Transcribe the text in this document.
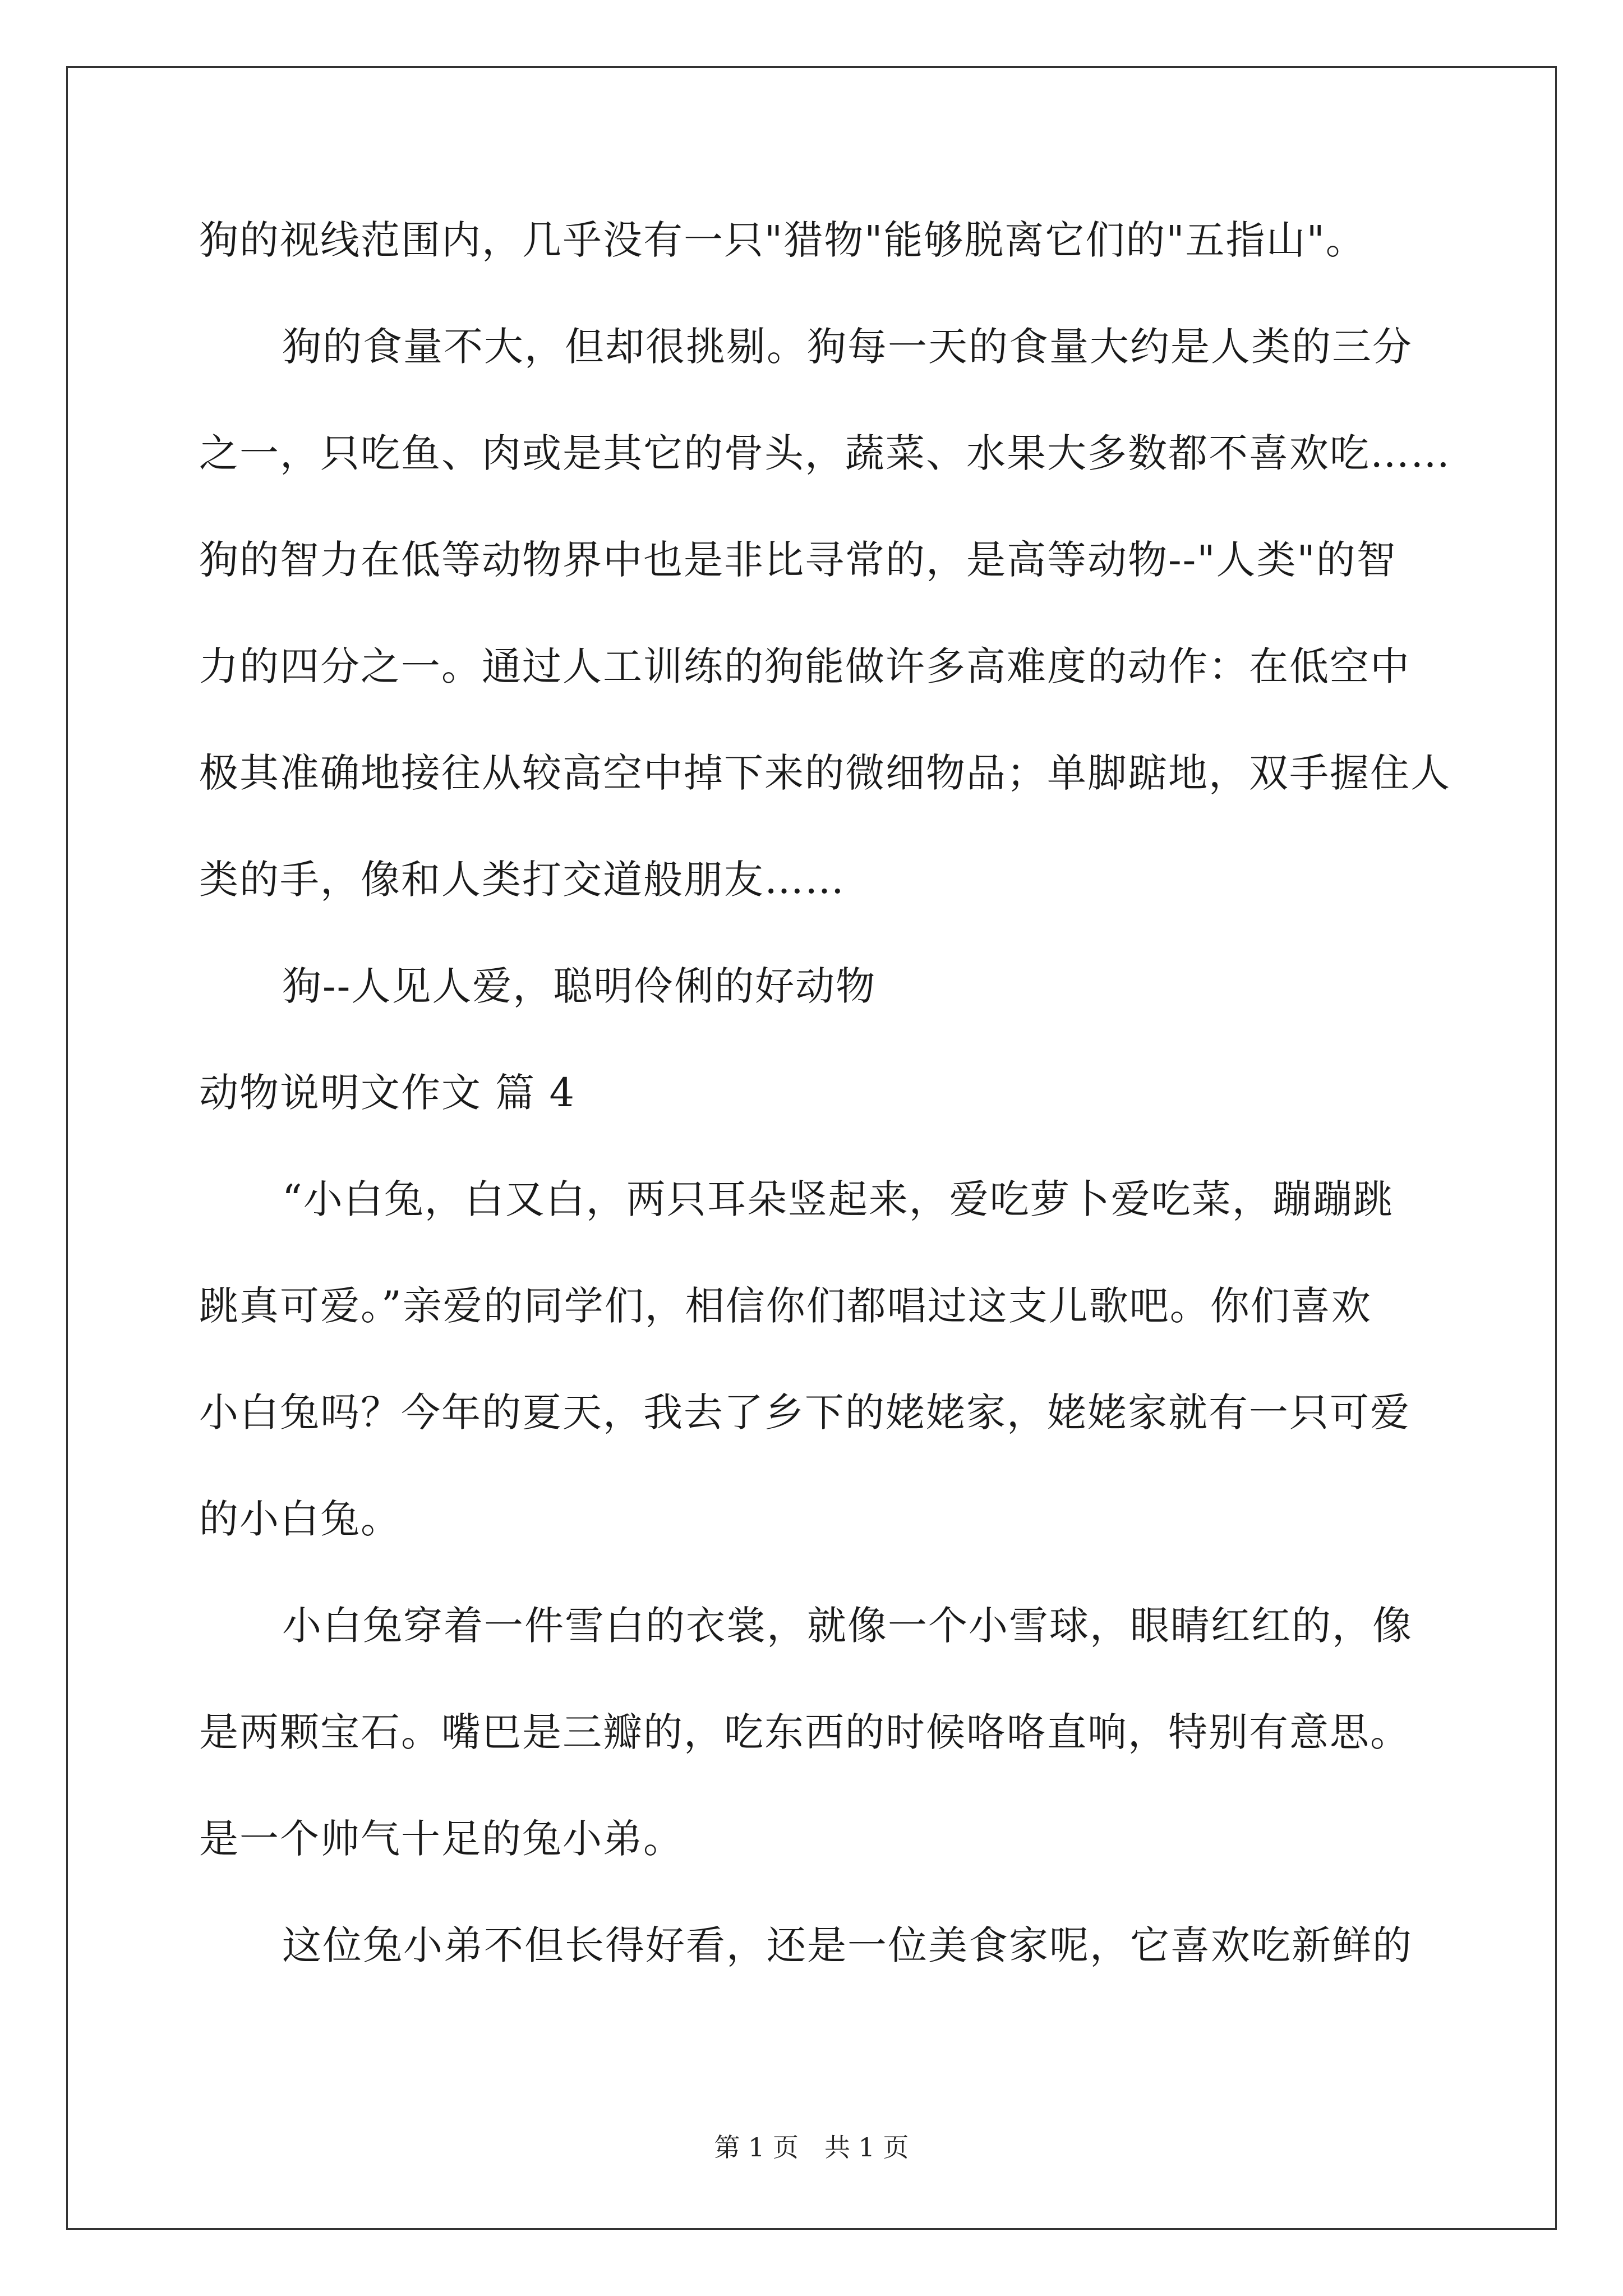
狗的视线范围内，几乎没有一只"猎物"能够脱离它们的"五指山"。
狗的食量不大，但却很挑剔。狗每一天的食量大约是人类的三分
之一，只吃鱼、肉或是其它的骨头，蔬菜、水果大多数都不喜欢吃……
狗的智力在低等动物界中也是非比寻常的，是高等动物--"人类"的智
力的四分之一。通过人工训练的狗能做许多高难度的动作：在低空中
极其准确地接往从较高空中掉下来的微细物品；单脚踮地，双手握住人
类的手，像和人类打交道般朋友……
狗--人见人爱，聪明伶俐的好动物
动物说明文作文 篇 4
“小白兔，白又白，两只耳朵竖起来，爱吃萝卜爱吃菜，蹦蹦跳
跳真可爱。”亲爱的同学们，相信你们都唱过这支儿歌吧。你们喜欢
小白兔吗？今年的夏天，我去了乡下的姥姥家，姥姥家就有一只可爱
的小白兔。
小白兔穿着一件雪白的衣裳，就像一个小雪球，眼睛红红的，像
是两颗宝石。嘴巴是三瓣的，吃东西的时候咯咯直响，特别有意思。
是一个帅气十足的兔小弟。
这位兔小弟不但长得好看，还是一位美食家呢，它喜欢吃新鲜的
第 1 页　共 1 页
